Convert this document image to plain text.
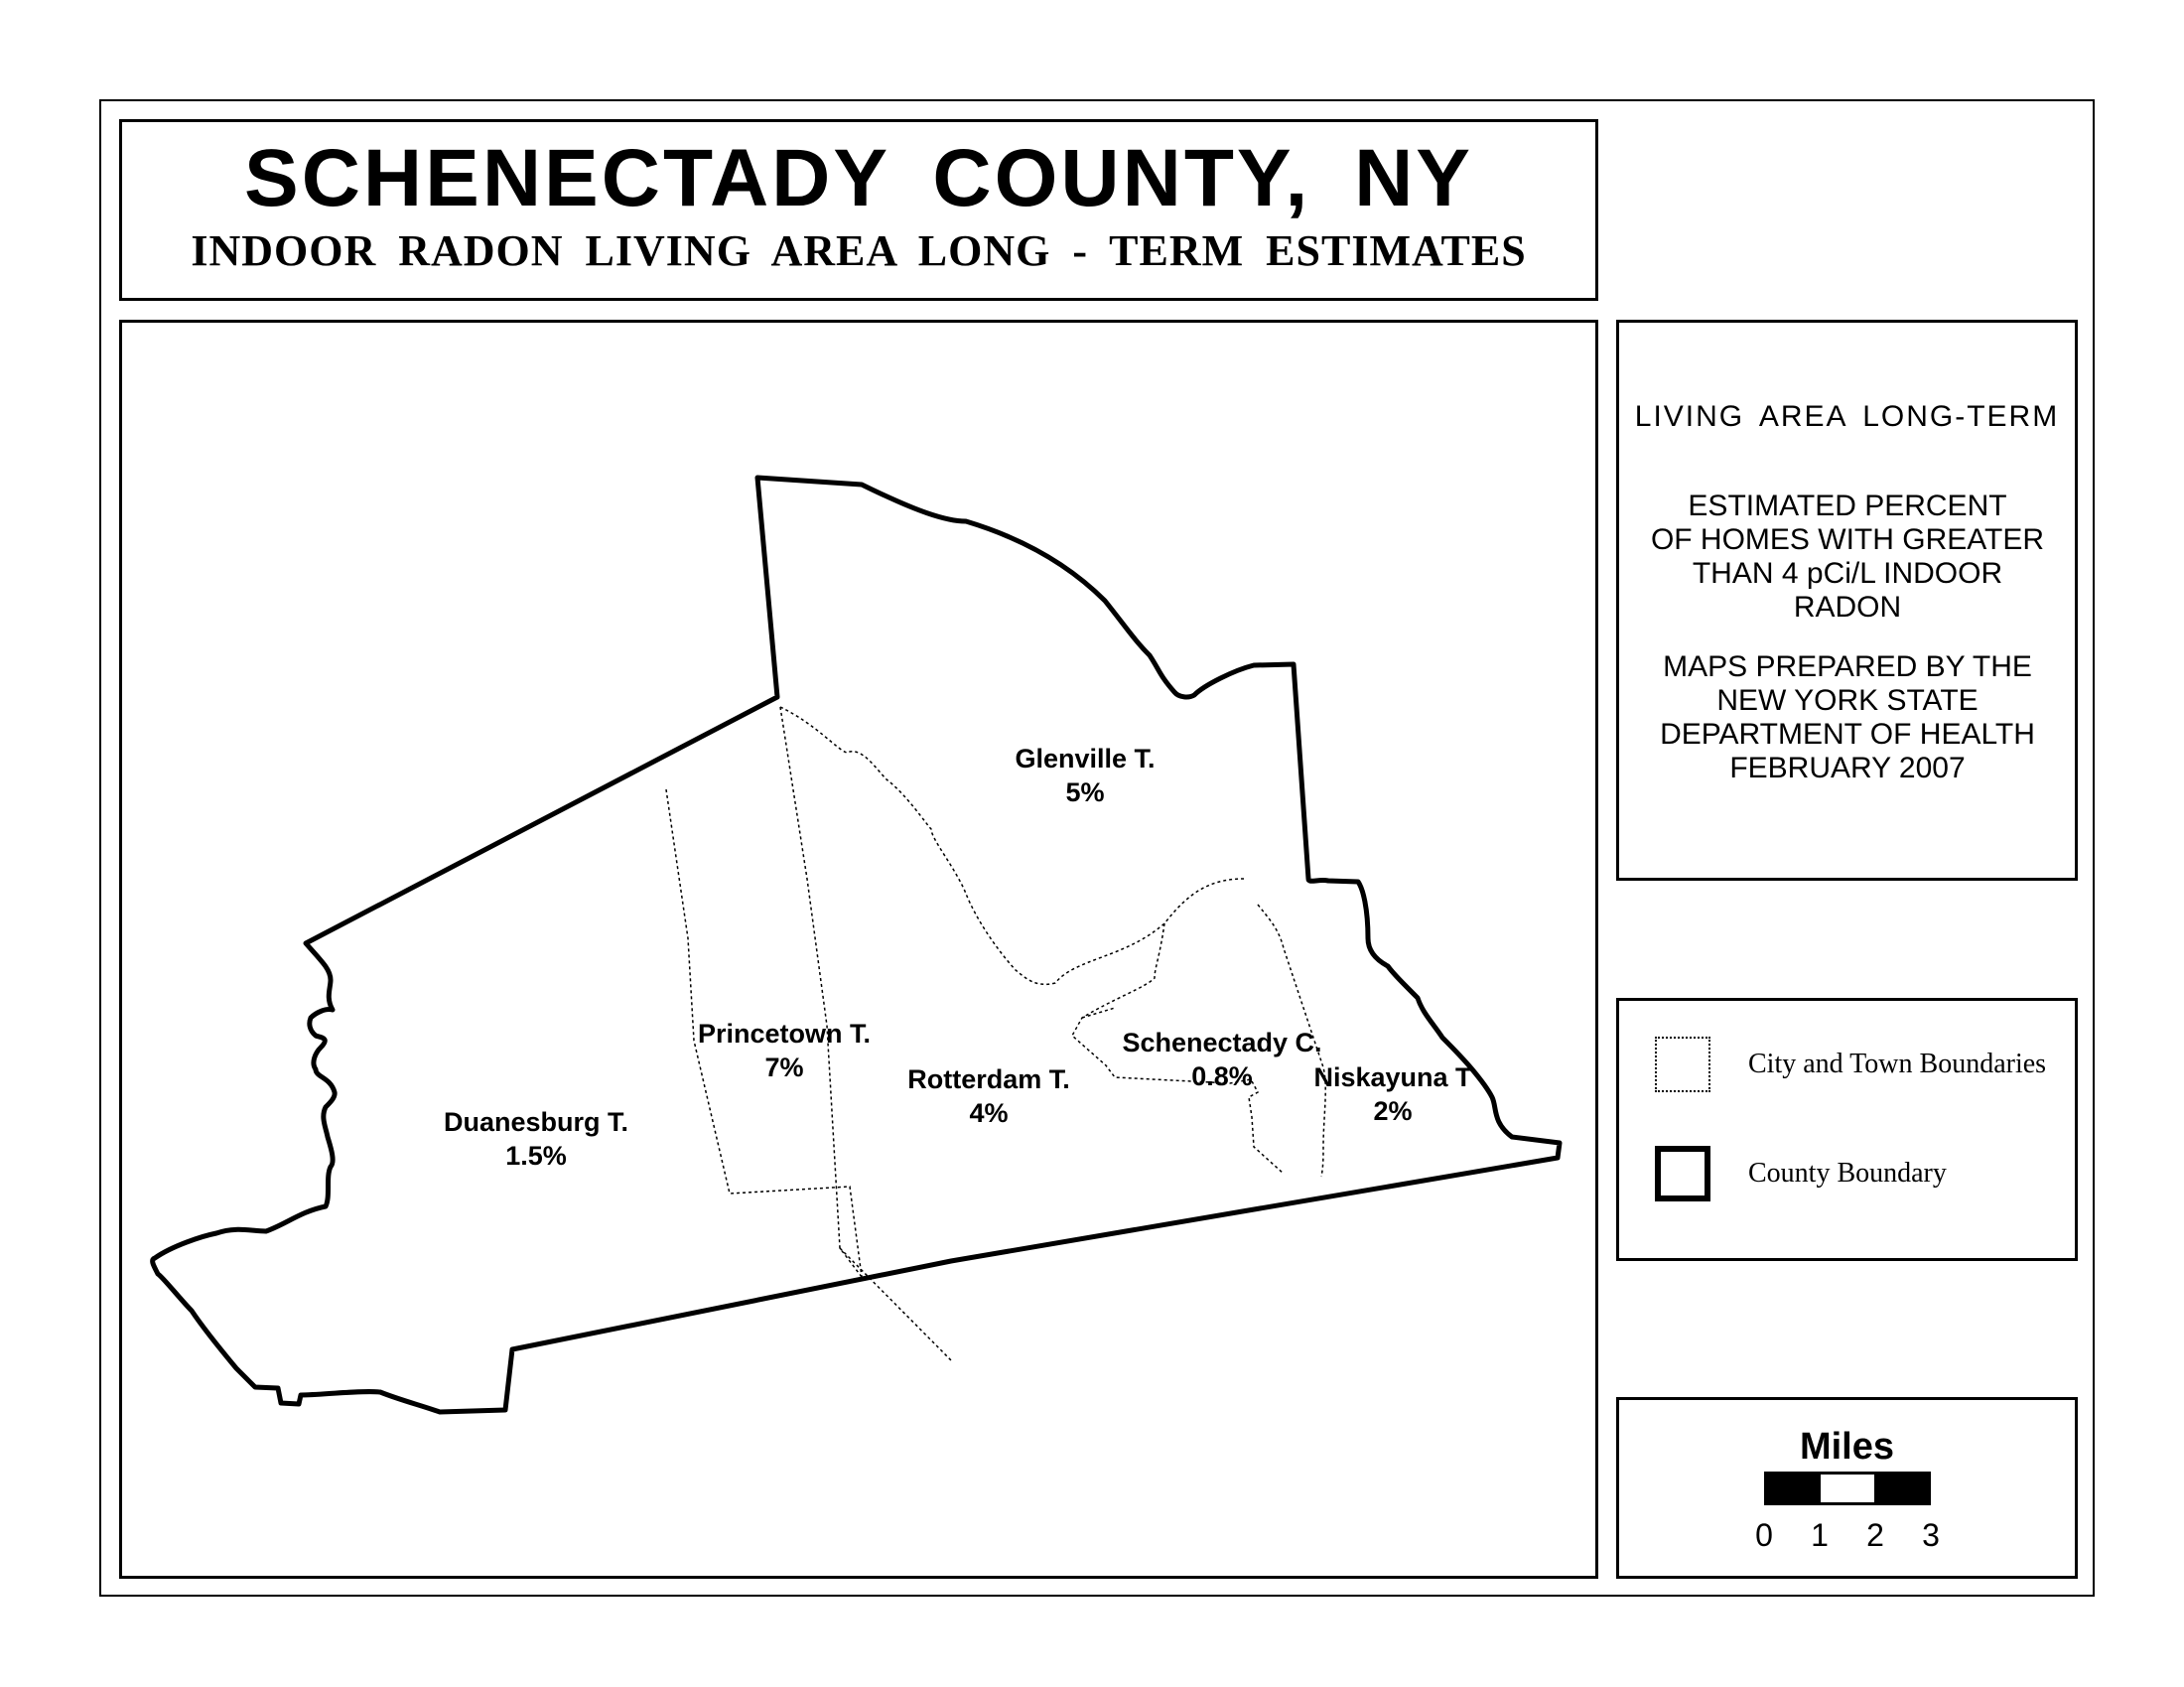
SCHENECTADY COUNTY, NY
INDOOR RADON LIVING AREA LONG - TERM ESTIMATES
Glenville T.
5%
Princetown T.
7%	Rotterdam T.
4%
Duanesburg T.
1.5%
Schenectady C.
0.8% Niskayuna T
2%
LIVING AREA LONG-TERM
ESTIMATED PERCENT
OF HOMES WITH GREATER
THAN 4 pCi/L INDOOR RADON
MAPS PREPARED BY THE
NEW YORK STATE
DEPARTMENT OF HEALTH
FEBRUARY 2007
City and Town Boundaries
County Boundary
Miles
0 1 2 3
